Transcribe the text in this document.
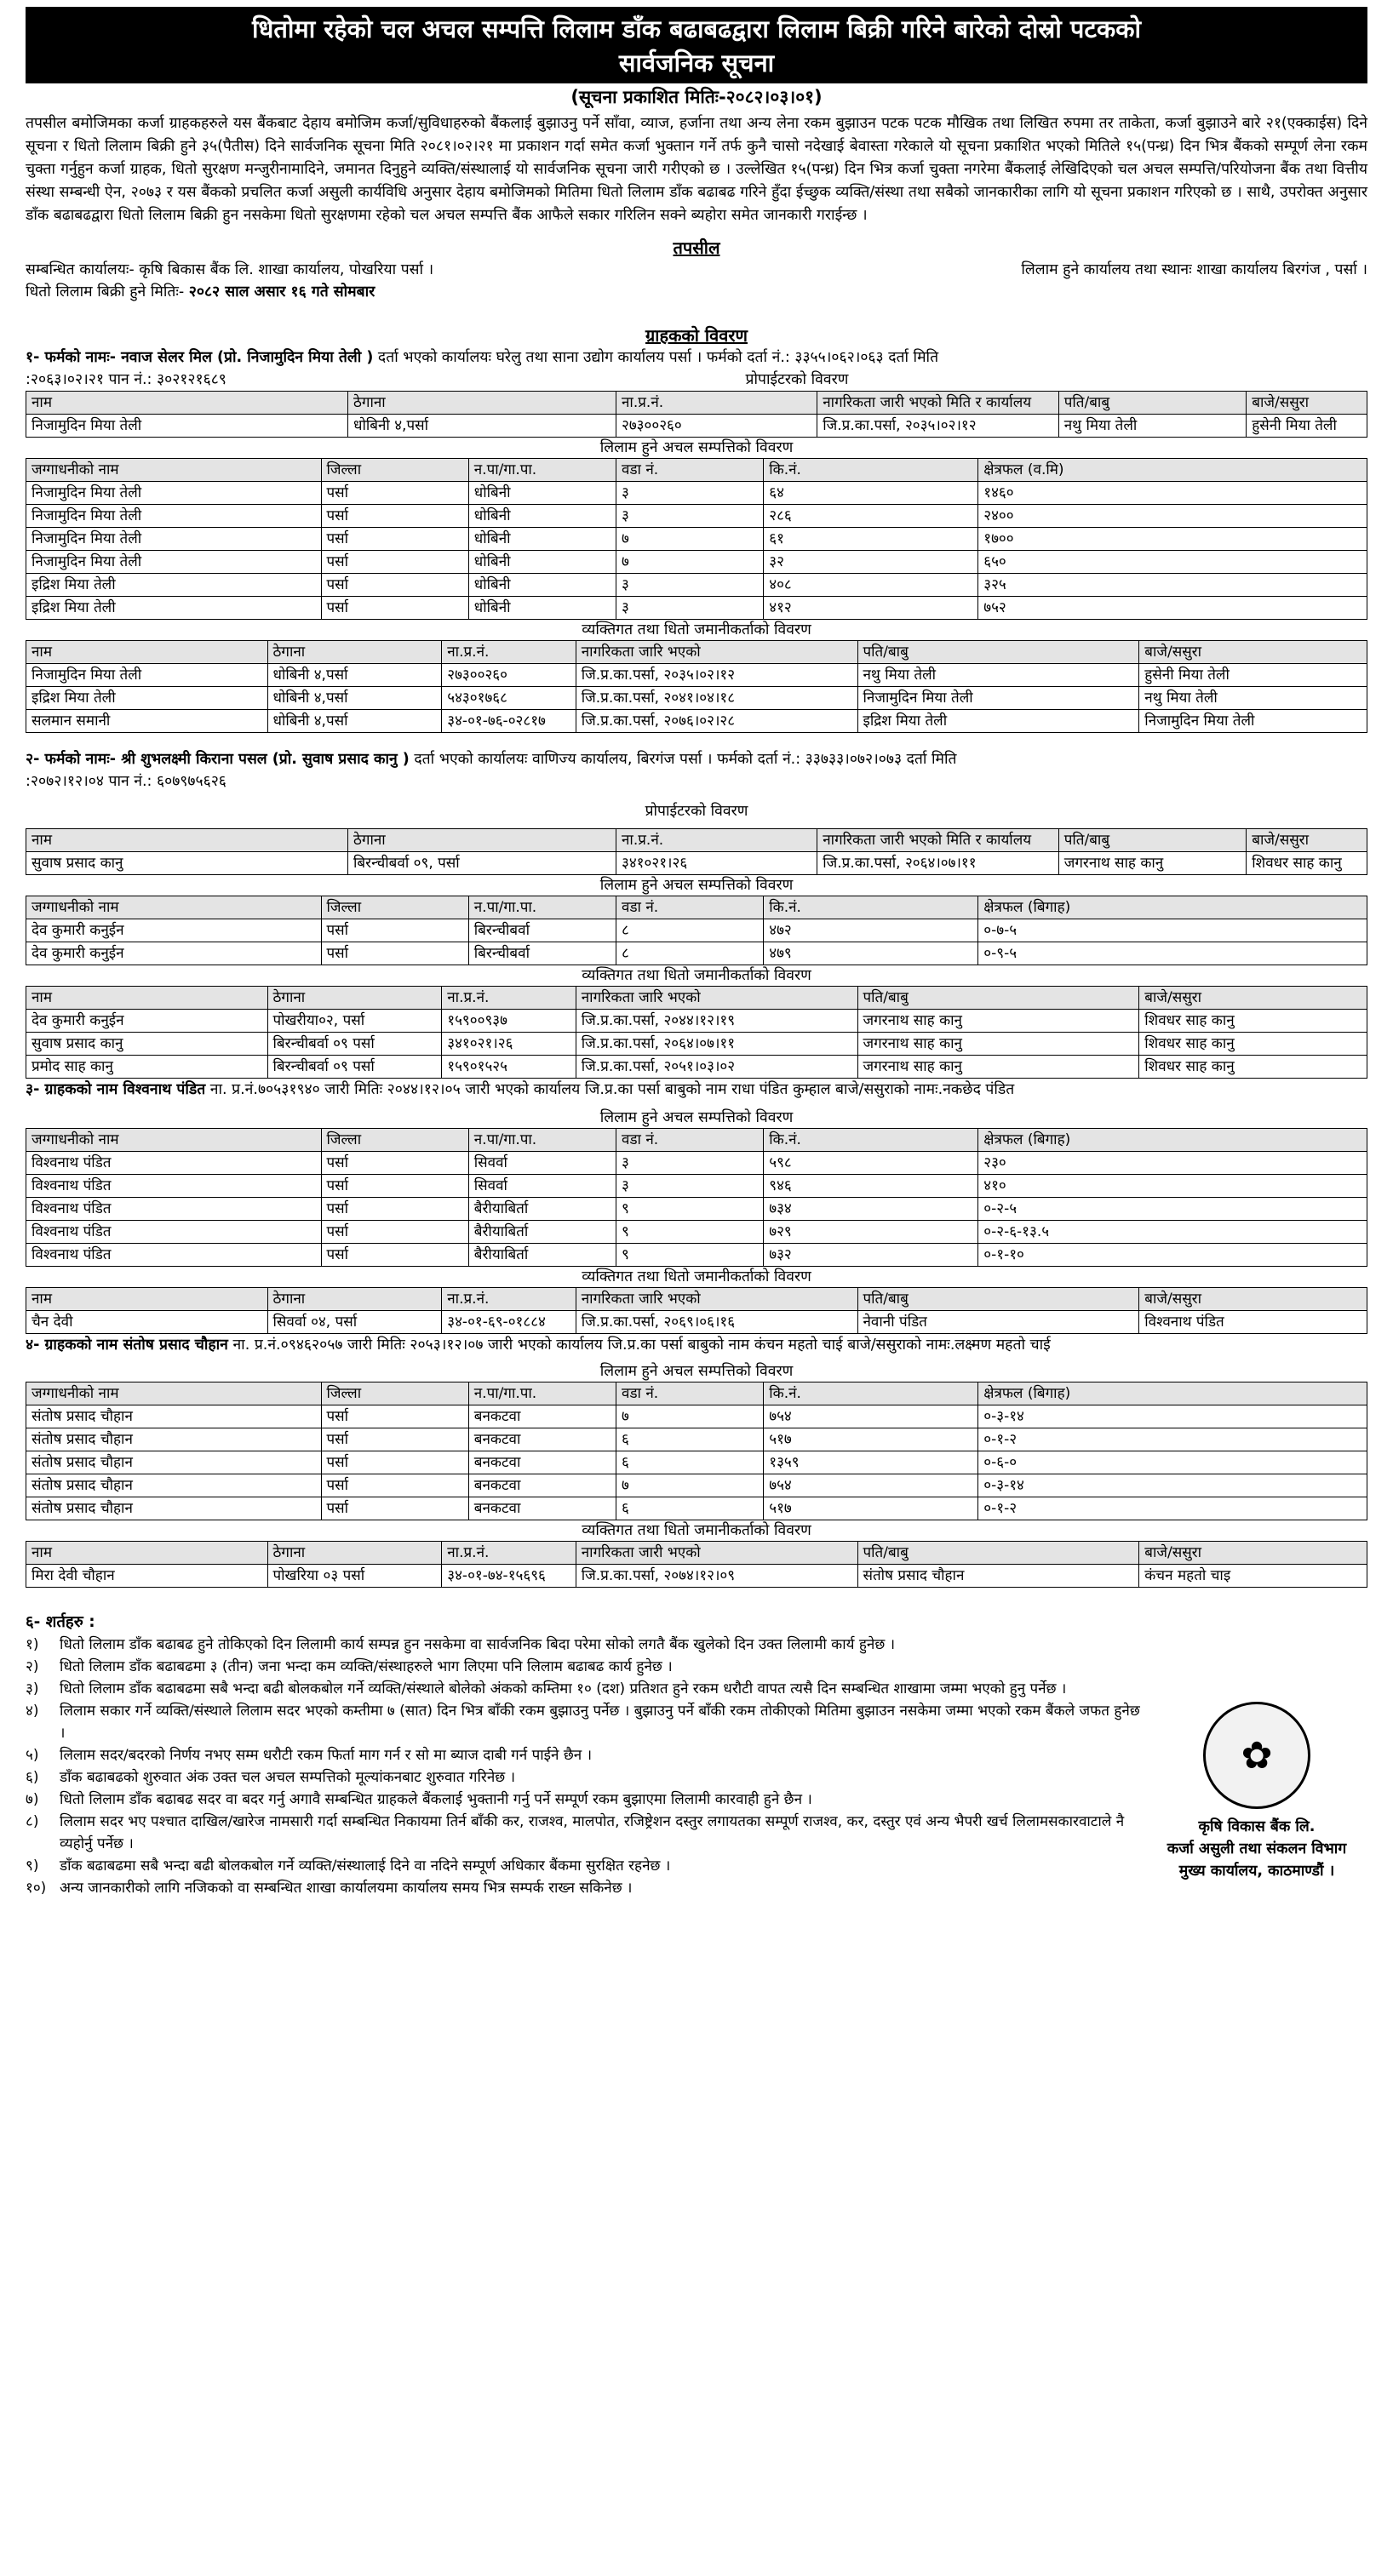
धितोमा रहेको चल अचल सम्पत्ति लिलाम डाँक बढाबढद्वारा लिलाम बिक्री गरिने बारेको दोस्रो पटकको
सार्वजनिक सूचना
(सूचना प्रकाशित मितिः-२०८२।०३।०१)
तपसील बमोजिमका कर्जा ग्राहकहरुले यस बैंकबाट देहाय बमोजिम कर्जा/सुविधाहरुको बैंकलाई बुझाउनु पर्ने साँवा, व्याज, हर्जाना तथा अन्य लेना रकम बुझाउन पटक पटक मौखिक तथा लिखित रुपमा तर ताकेता, कर्जा बुझाउने बारे २१(एक्काईस) दिने सूचना र धितो लिलाम बिक्री हुने ३५(पैतीस) दिने सार्वजनिक सूचना मिति २०८१।०२।२१ मा प्रकाशन गर्दा समेत कर्जा भुक्तान गर्ने तर्फ कुनै चासो नदेखाई बेवास्ता गरेकाले यो सूचना प्रकाशित भएको मितिले १५(पन्ध्र) दिन भित्र बैंकको सम्पूर्ण लेना रकम चुक्ता गर्नुहुन कर्जा ग्राहक, धितो सुरक्षण मन्जुरीनामादिने, जमानत दिनुहुने व्यक्ति/संस्थालाई यो सार्वजनिक सूचना जारी गरीएको छ । उल्लेखित १५(पन्ध्र) दिन भित्र कर्जा चुक्ता नगरेमा बैंकलाई लेखिदिएको चल अचल सम्पत्ति/परियोजना बैंक तथा वित्तीय संस्था सम्बन्धी ऐन, २०७३ र यस बैंकको प्रचलित कर्जा असुली कार्यविधि अनुसार देहाय बमोजिमको मितिमा धितो लिलाम डाँक बढाबढ गरिने हुँदा ईच्छुक व्यक्ति/संस्था तथा सबैको जानकारीका लागि यो सूचना प्रकाशन गरिएको छ । साथै, उपरोक्त अनुसार डाँक बढाबढद्वारा धितो लिलाम बिक्री हुन नसकेमा धितो सुरक्षणमा रहेको चल अचल सम्पत्ति बैंक आफैले सकार गरिलिन सक्ने ब्यहोरा समेत जानकारी गराईन्छ ।
तपसील
सम्बन्धित कार्यालयः- कृषि बिकास बैंक लि. शाखा कार्यालय, पोखरिया पर्सा ।	लिलाम हुने कार्यालय तथा स्थानः शाखा कार्यालय बिरगंज , पर्सा ।
धितो लिलाम बिक्री हुने मितिः- २०८२ साल असार १६ गते सोमबार
ग्राहकको विवरण
१- फर्मको नामः- नवाज सेलर मिल (प्रो. निजामुदिन मिया तेली ) दर्ता भएको कार्यालयः घरेलु तथा साना उद्योग कार्यालय पर्सा । फर्मको दर्ता नं.: ३३५५।०६२।०६३ दर्ता मिति
:२०६३।०२।२१ पान नं.: ३०२१२१६८९	प्रोपाईटरको विवरण
नाम	ठेगाना	ना.प्र.नं.	नागरिकता जारी भएको मिति र कार्यालय	पति/बाबु	बाजे/ससुरा
निजामुदिन मिया तेली	धोबिनी ४,पर्सा	२७३००२६०	जि.प्र.का.पर्सा, २०३५।०२।१२	नथु मिया तेली	हुसेनी मिया तेली
लिलाम हुने अचल सम्पत्तिको विवरण
जग्गाधनीको नाम	जिल्ला	न.पा/गा.पा.	वडा नं.	कि.नं.	क्षेत्रफल (व.मि)
निजामुदिन मिया तेली	पर्सा	धोबिनी	३	६४	१४६०
निजामुदिन मिया तेली	पर्सा	धोबिनी	३	२८६	२४००
निजामुदिन मिया तेली	पर्सा	धोबिनी	७	६१	१७००
निजामुदिन मिया तेली	पर्सा	धोबिनी	७	३२	६५०
इद्रिश मिया तेली	पर्सा	धोबिनी	३	४०८	३२५
इद्रिश मिया तेली	पर्सा	धोबिनी	३	४१२	७५२
व्यक्तिगत तथा धितो जमानीकर्ताको विवरण
नाम	ठेगाना	ना.प्र.नं.	नागरिकता जारि भएको	पति/बाबु	बाजे/ससुरा
निजामुदिन मिया तेली	धोबिनी ४,पर्सा	२७३००२६०	जि.प्र.का.पर्सा, २०३५।०२।१२	नथु मिया तेली	हुसेनी मिया तेली
इद्रिश मिया तेली	धोबिनी ४,पर्सा	५४३०१७६८	जि.प्र.का.पर्सा, २०४१।०४।१८	निजामुदिन मिया तेली	नथु मिया तेली
सलमान समानी	धोबिनी ४,पर्सा	३४-०१-७६-०२८१७	जि.प्र.का.पर्सा, २०७६।०२।२८	इद्रिश मिया तेली	निजामुदिन मिया तेली
२- फर्मको नामः- श्री शुभलक्ष्मी किराना पसल (प्रो. सुवाष प्रसाद कानु ) दर्ता भएको कार्यालयः वाणिज्य कार्यालय, बिरगंज पर्सा । फर्मको दर्ता नं.: ३३७३३।०७२।०७३ दर्ता मिति
:२०७२।१२।०४ पान नं.: ६०७९७५६२६
प्रोपाईटरको विवरण
नाम	ठेगाना	ना.प्र.नं.	नागरिकता जारी भएको मिति र कार्यालय	पति/बाबु	बाजे/ससुरा
सुवाष प्रसाद कानु	बिरन्चीबर्वा ०९, पर्सा	३४१०२१।२६	जि.प्र.का.पर्सा, २०६४।०७।११	जगरनाथ साह कानु	शिवधर साह कानु
लिलाम हुने अचल सम्पत्तिको विवरण
जग्गाधनीको नाम	जिल्ला	न.पा/गा.पा.	वडा नं.	कि.नं.	क्षेत्रफल (बिगाह)
देव कुमारी कनुईन	पर्सा	बिरन्चीबर्वा	८	४७२	०-७-५
देव कुमारी कनुईन	पर्सा	बिरन्चीबर्वा	८	४७९	०-९-५
व्यक्तिगत तथा धितो जमानीकर्ताको विवरण
नाम	ठेगाना	ना.प्र.नं.	नागरिकता जारि भएको	पति/बाबु	बाजे/ससुरा
देव कुमारी कनुईन	पोखरीया०२, पर्सा	१५९००९३७	जि.प्र.का.पर्सा, २०४४।१२।१९	जगरनाथ साह कानु	शिवधर साह कानु
सुवाष प्रसाद कानु	बिरन्चीबर्वा ०९ पर्सा	३४१०२१।२६	जि.प्र.का.पर्सा, २०६४।०७।११	जगरनाथ साह कानु	शिवधर साह कानु
प्रमोद साह कानु	बिरन्चीबर्वा ०९ पर्सा	१५९०१५२५	जि.प्र.का.पर्सा, २०५१।०३।०२	जगरनाथ साह कानु	शिवधर साह कानु
३- ग्राहकको नाम विश्वनाथ पंडित ना. प्र.नं.७०५३१९४० जारी मितिः २०४४।१२।०५ जारी भएको कार्यालय जि.प्र.का पर्सा बाबुको नाम राधा पंडित कुम्हाल बाजे/ससुराको नामः.नकछेद पंडित
लिलाम हुने अचल सम्पत्तिको विवरण
जग्गाधनीको नाम	जिल्ला	न.पा/गा.पा.	वडा नं.	कि.नं.	क्षेत्रफल (बिगाह)
विश्वनाथ पंडित	पर्सा	सिवर्वा	३	५९८	२३०
विश्वनाथ पंडित	पर्सा	सिवर्वा	३	९४६	४१०
विश्वनाथ पंडित	पर्सा	बैरीयाबिर्ता	९	७३४	०-२-५
विश्वनाथ पंडित	पर्सा	बैरीयाबिर्ता	९	७२९	०-२-६-१३.५
विश्वनाथ पंडित	पर्सा	बैरीयाबिर्ता	९	७३२	०-१-१०
व्यक्तिगत तथा धितो जमानीकर्ताको विवरण
नाम	ठेगाना	ना.प्र.नं.	नागरिकता जारि भएको	पति/बाबु	बाजे/ससुरा
चैन देवी	सिवर्वा ०४, पर्सा	३४-०१-६९-०१८८४	जि.प्र.का.पर्सा, २०६९।०६।१६	नेवानी पंडित	विश्वनाथ पंडित
४- ग्राहकको नाम संतोष प्रसाद चौहान ना. प्र.नं.०९४६२०५७ जारी मितिः २०५३।१२।०७ जारी भएको कार्यालय जि.प्र.का पर्सा बाबुको नाम कंचन महतो चाई बाजे/ससुराको नामः.लक्ष्मण महतो चाई
लिलाम हुने अचल सम्पत्तिको विवरण
जग्गाधनीको नाम	जिल्ला	न.पा/गा.पा.	वडा नं.	कि.नं.	क्षेत्रफल (बिगाह)
संतोष प्रसाद चौहान	पर्सा	बनकटवा	७	७५४	०-३-१४
संतोष प्रसाद चौहान	पर्सा	बनकटवा	६	५१७	०-१-२
संतोष प्रसाद चौहान	पर्सा	बनकटवा	६	१३५९	०-६-०
संतोष प्रसाद चौहान	पर्सा	बनकटवा	७	७५४	०-३-१४
संतोष प्रसाद चौहान	पर्सा	बनकटवा	६	५१७	०-१-२
व्यक्तिगत तथा धितो जमानीकर्ताको विवरण
नाम	ठेगाना	ना.प्र.नं.	नागरिकता जारी भएको	पति/बाबु	बाजे/ससुरा
मिरा देवी चौहान	पोखरिया ०३ पर्सा	३४-०१-७४-१५६९६	जि.प्र.का.पर्सा, २०७४।१२।०९	संतोष प्रसाद चौहान	कंचन महतो चाइ
६- शर्तहरु :
१)	धितो लिलाम डाँक बढाबढ हुने तोकिएको दिन लिलामी कार्य सम्पन्न हुन नसकेमा वा सार्वजनिक बिदा परेमा सोको लगतै बैंक खुलेको दिन उक्त लिलामी कार्य हुनेछ ।
२)	धितो लिलाम डाँक बढाबढमा ३ (तीन) जना भन्दा कम व्यक्ति/संस्थाहरुले भाग लिएमा पनि लिलाम बढाबढ कार्य हुनेछ ।
३)	धितो लिलाम डाँक बढाबढमा सबै भन्दा बढी बोलकबोल गर्ने व्यक्ति/संस्थाले बोलेको अंकको कम्तिमा १० (दश) प्रतिशत हुने रकम धरौटी वापत त्यसै दिन सम्बन्धित शाखामा जम्मा भएको हुनु पर्नेछ ।
४)	लिलाम सकार गर्ने व्यक्ति/संस्थाले लिलाम सदर भएको कम्तीमा ७ (सात) दिन भित्र बाँकी रकम बुझाउनु पर्नेछ । बुझाउनु पर्ने बाँकी रकम तोकीएको मितिमा बुझाउन नसकेमा जम्मा भएको रकम बैंकले जफत हुनेछ ।
५)	लिलाम सदर/बदरको निर्णय नभए सम्म धरौटी रकम फिर्ता माग गर्न र सो मा ब्याज दाबी गर्न पाईने छैन ।
६)	डाँक बढाबढको शुरुवात अंक उक्त चल अचल सम्पत्तिको मूल्यांकनबाट शुरुवात गरिनेछ ।
७)	धितो लिलाम डाँक बढाबढ सदर वा बदर गर्नु अगावै सम्बन्धित ग्राहकले बैंकलाई भुक्तानी गर्नु पर्ने सम्पूर्ण रकम बुझाएमा लिलामी कारवाही हुने छैन ।
८)	लिलाम सदर भए पश्चात दाखिल/खारेज नामसारी गर्दा सम्बन्धित निकायमा तिर्न बाँकी कर, राजश्व, मालपोत, रजिष्ट्रेशन दस्तुर लगायतका सम्पूर्ण राजश्व, कर, दस्तुर एवं अन्य भैपरी खर्च लिलामसकारवाटाले नै व्यहोर्नु पर्नेछ ।
९)	डाँक बढाबढमा सबै भन्दा बढी बोलकबोल गर्ने व्यक्ति/संस्थालाई दिने वा नदिने सम्पूर्ण अधिकार बैंकमा सुरक्षित रहनेछ ।
१०) अन्य जानकारीको लागि नजिकको वा सम्बन्धित शाखा कार्यालयमा कार्यालय समय भित्र सम्पर्क राख्न सकिनेछ ।
✿
कृषि विकास बैंक लि.
कर्जा असुली तथा संकलन विभाग
मुख्य कार्यालय, काठमाण्डौं ।
